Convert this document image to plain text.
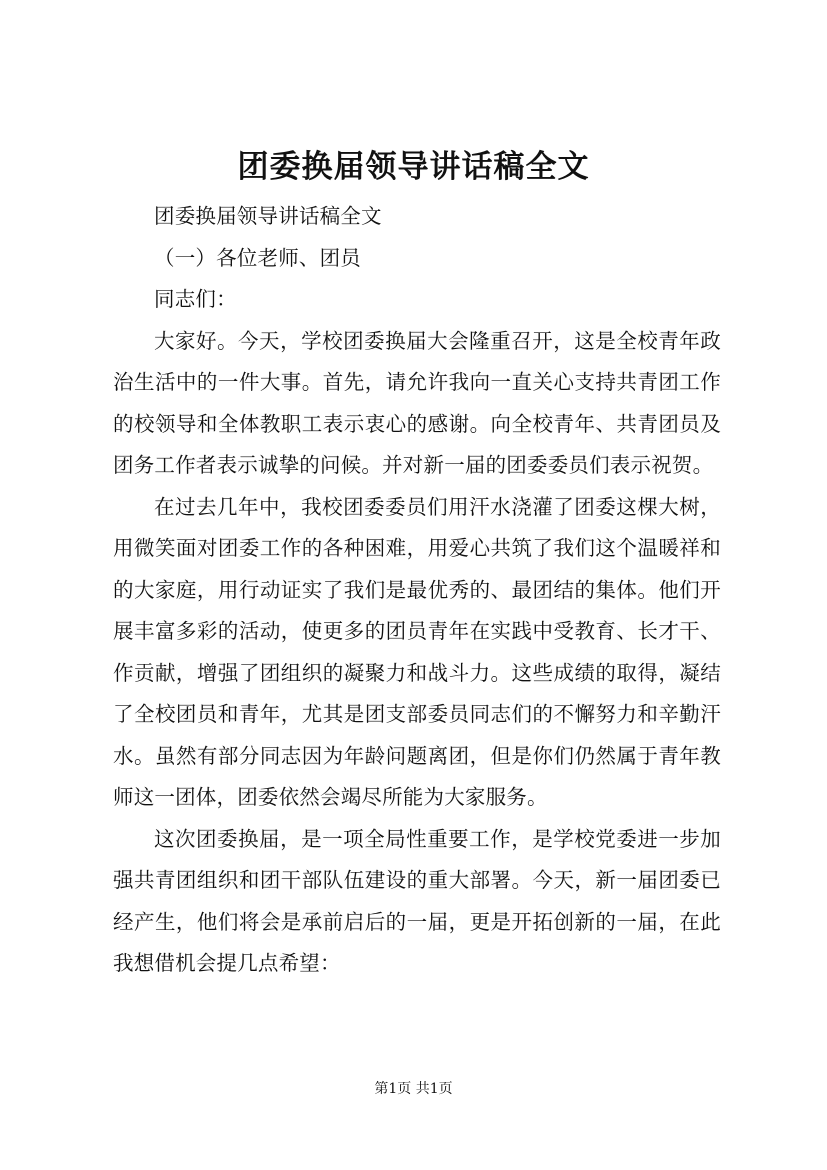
团委换届领导讲话稿全文

团委换届领导讲话稿全文

（一）各位老师、团员

同志们：

大家好。今天，学校团委换届大会隆重召开，这是全校青年政治生活中的一件大事。首先，请允许我向一直关心支持共青团工作的校领导和全体教职工表示衷心的感谢。向全校青年、共青团员及团务工作者表示诚挚的问候。并对新一届的团委委员们表示祝贺。

在过去几年中，我校团委委员们用汗水浇灌了团委这棵大树，用微笑面对团委工作的各种困难，用爱心共筑了我们这个温暖祥和的大家庭，用行动证实了我们是最优秀的、最团结的集体。他们开展丰富多彩的活动，使更多的团员青年在实践中受教育、长才干、作贡献，增强了团组织的凝聚力和战斗力。这些成绩的取得，凝结了全校团员和青年，尤其是团支部委员同志们的不懈努力和辛勤汗水。虽然有部分同志因为年龄问题离团，但是你们仍然属于青年教师这一团体，团委依然会竭尽所能为大家服务。

这次团委换届，是一项全局性重要工作，是学校党委进一步加强共青团组织和团干部队伍建设的重大部署。今天，新一届团委已经产生，他们将会是承前启后的一届，更是开拓创新的一届，在此我想借机会提几点希望：

第1页 共1页
